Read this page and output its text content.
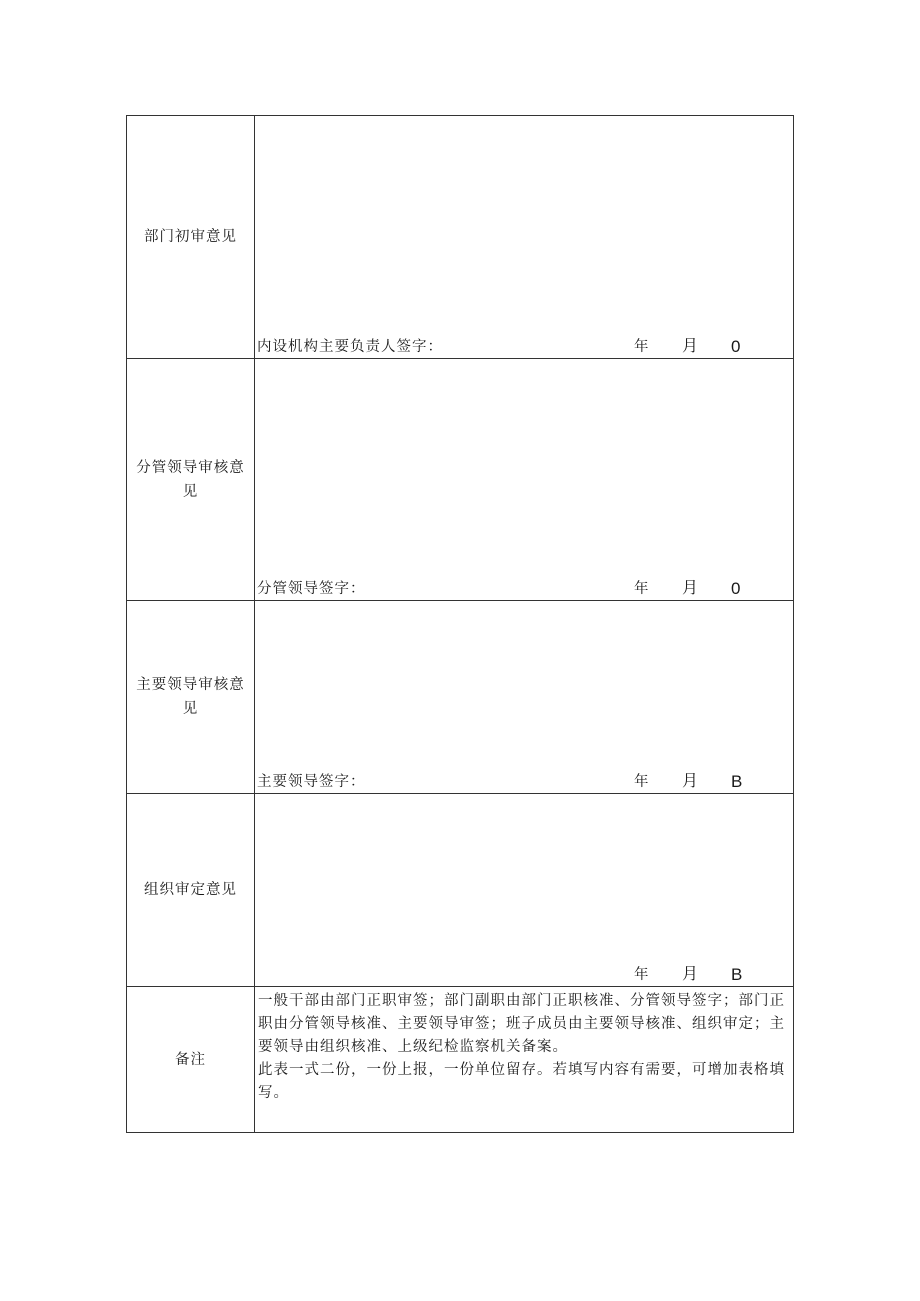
部门初审意见	内设机构主要负责人签字： 年 月 0

分管领导审核意见	分管领导签字： 年 月 0

主要领导审核意见	主要领导签字： 年 月 B

组织审定意见	年 月 B

备注	一般干部由部门正职审签；部门副职由部门正职核准、分管领导签字；部门正职由分管领导核准、主要领导审签；班子成员由主要领导核准、组织审定；主要领导由组织核准、上级纪检监察机关备案。

此表一式二份，一份上报，一份单位留存。若填写内容有需要，可增加表格填写。
